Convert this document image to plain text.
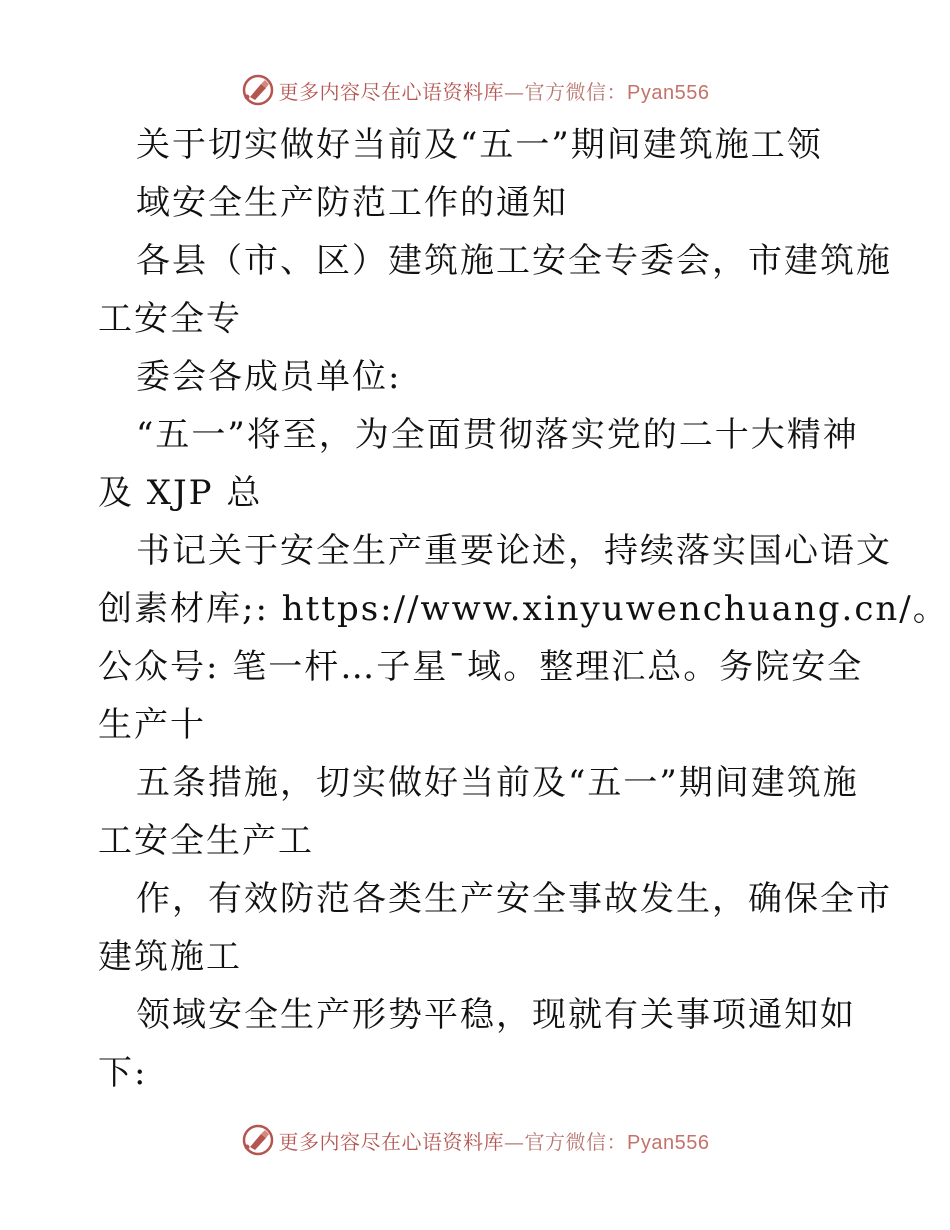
更多内容尽在心语资料库—官方微信：Pyan556
关于切实做好当前及“五一”期间建筑施工领
域安全生产防范工作的通知
各县（市、区）建筑施工安全专委会，市建筑施
工安全专
委会各成员单位:
“五一”将至，为全面贯彻落实党的二十大精神
及 XJP 总
书记关于安全生产重要论述，持续落实国心语文
创素材库;: https://www.xinyuwenchuang.cn/。
公众号: 笔一杆…子星¯域。整理汇总。务院安全
生产十
五条措施，切实做好当前及“五一”期间建筑施
工安全生产工
作，有效防范各类生产安全事故发生，确保全市
建筑施工
领域安全生产形势平稳，现就有关事项通知如
下:
更多内容尽在心语资料库—官方微信：Pyan556
